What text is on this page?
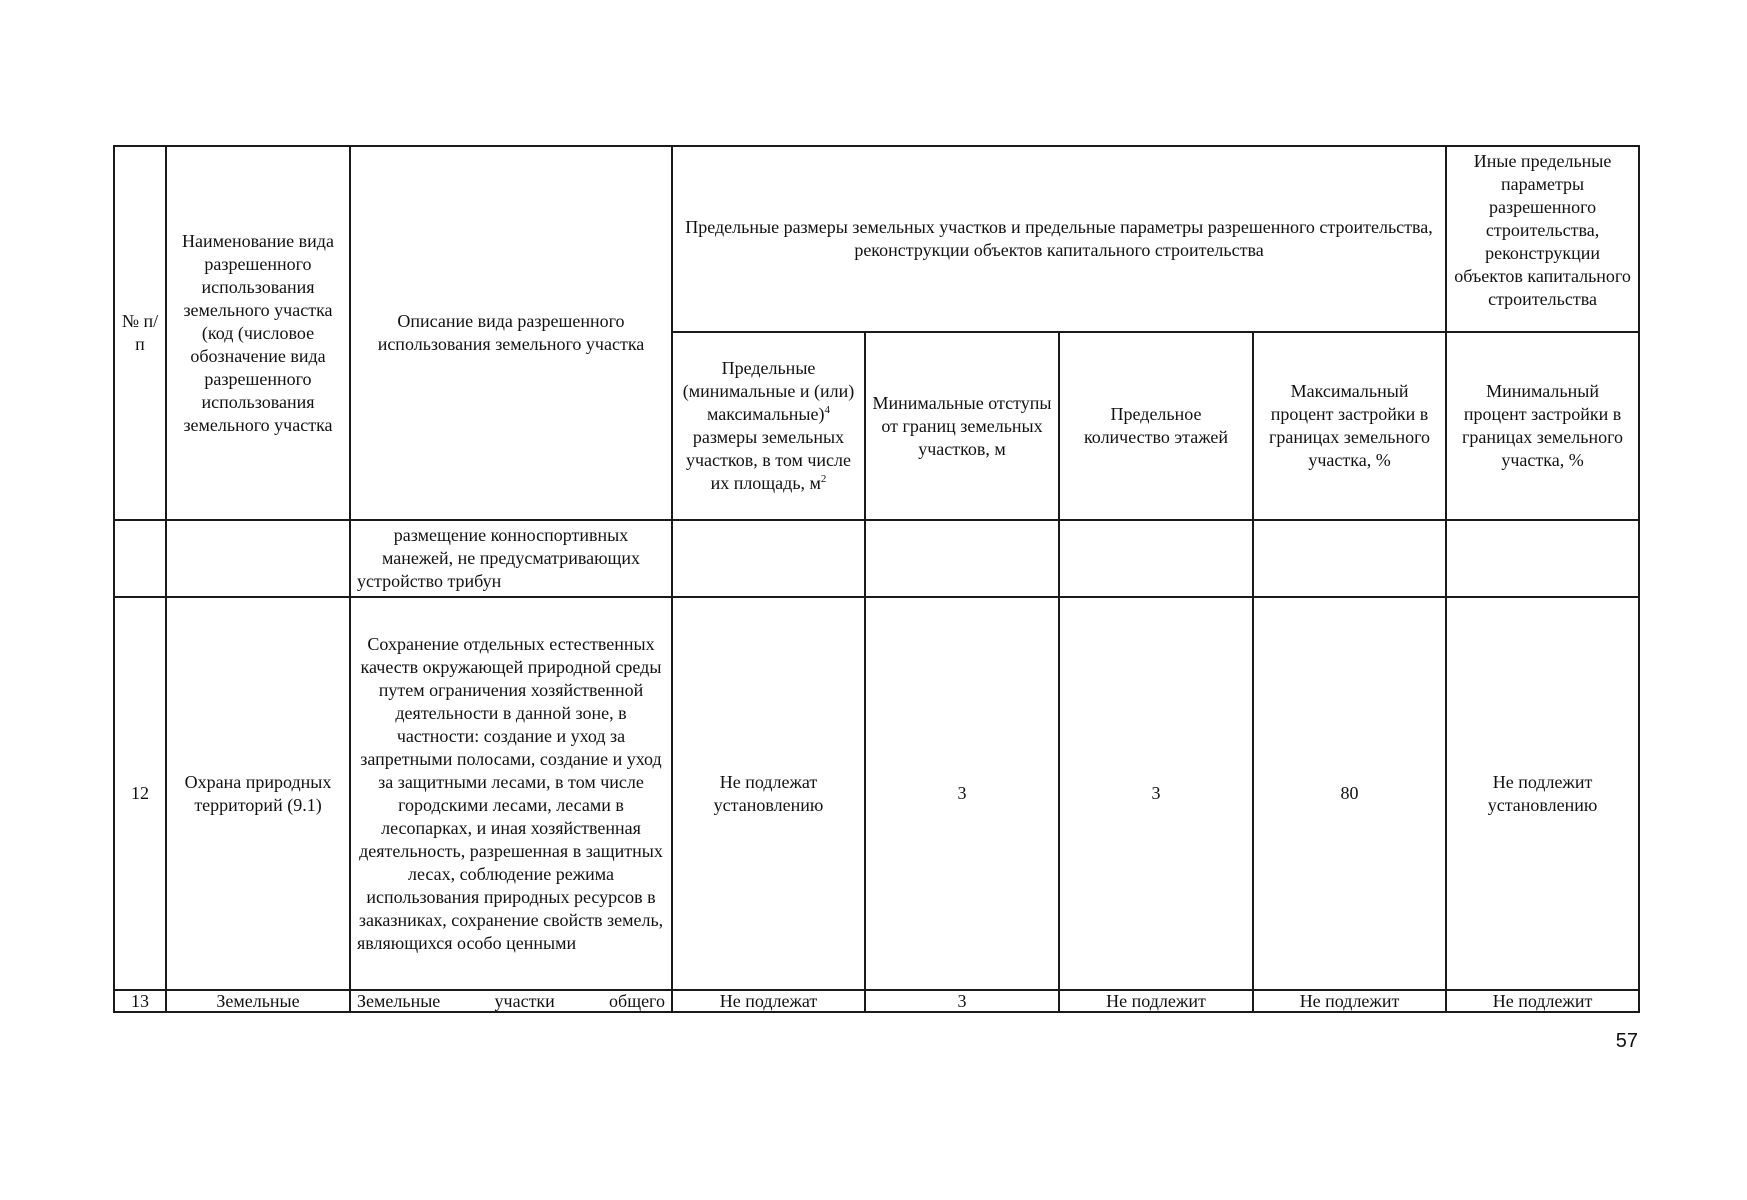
№ п/п	Наименование вида разрешенного использования земельного участка (код (числовое обозначение вида разрешенного использования земельного участка	Описание вида разрешенного использования земельного участка	Предельные размеры земельных участков и предельные параметры разрешенного строительства, реконструкции объектов капитального строительства				Иные предельные параметры разрешенного строительства, реконструкции объектов капитального строительства
			Предельные (минимальные и (или) максимальные)$^4$ размеры земельных участков, в том числе их площадь, $м^2$	Минимальные отступы от границ земельных участков, м	Предельное количество этажей	Максимальный процент застройки в границах земельного участка, %	Минимальный процент застройки в границах земельного участка, %
		размещение конноспортивных манежей, не предусматривающих устройство трибун					
12	Охрана природных территорий (9.1)	Сохранение отдельных естественных качеств окружающей природной среды путем ограничения хозяйственной деятельности в данной зоне, в частности: создание и уход за запретными полосами, создание и уход за защитными лесами, в том числе городскими лесами, лесами в лесопарках, и иная хозяйственная деятельность, разрешенная в защитных лесах, соблюдение режима использования природных ресурсов в заказниках, сохранение свойств земель, являющихся особо ценными	Не подлежат установлению	3	3	80	Не подлежит установлению
13	Земельные	Земельные участки общего	Не подлежат	3	Не подлежит	Не подлежит	Не подлежит
57
